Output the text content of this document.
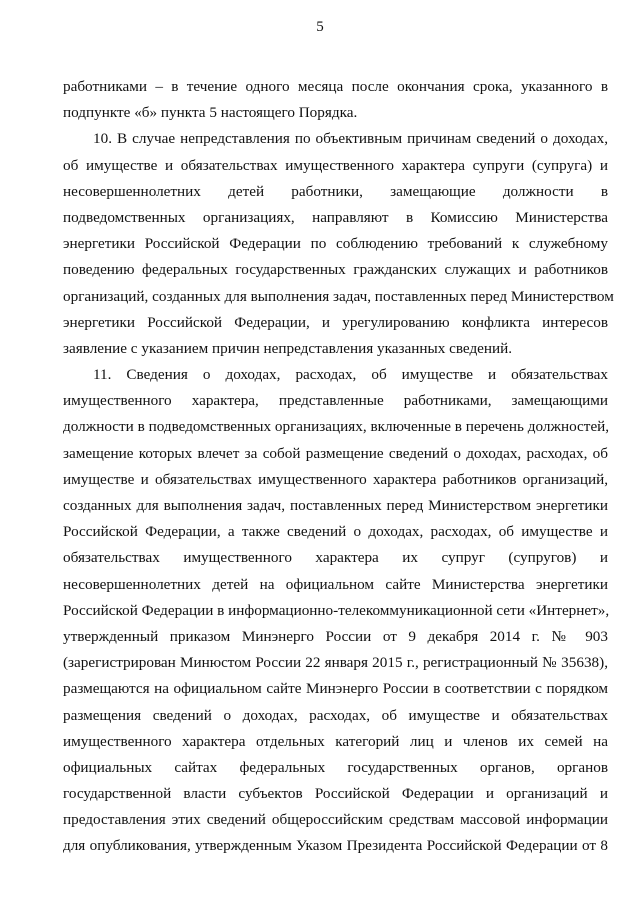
5
работниками – в течение одного месяца после окончания срока, указанного в
подпункте «б» пункта 5 настоящего Порядка.
10. В случае непредставления по объективным причинам сведений о доходах,
об имуществе и обязательствах имущественного характера супруги (супруга) и
несовершеннолетних детей работники, замещающие должности в
подведомственных организациях, направляют в Комиссию Министерства
энергетики Российской Федерации по соблюдению требований к служебному
поведению федеральных государственных гражданских служащих и работников
организаций, созданных для выполнения задач, поставленных перед Министерством
энергетики Российской Федерации, и урегулированию конфликта интересов
заявление с указанием причин непредставления указанных сведений.
11. Сведения о доходах, расходах, об имуществе и обязательствах
имущественного характера, представленные работниками, замещающими
должности в подведомственных организациях, включенные в перечень должностей,
замещение которых влечет за собой размещение сведений о доходах, расходах, об
имуществе и обязательствах имущественного характера работников организаций,
созданных для выполнения задач, поставленных перед Министерством энергетики
Российской Федерации, а также сведений о доходах, расходах, об имуществе и
обязательствах имущественного характера их супруг (супругов) и
несовершеннолетних детей на официальном сайте Министерства энергетики
Российской Федерации в информационно-телекоммуникационной сети «Интернет»,
утвержденный приказом Минэнерго России от 9 декабря 2014 г. № 903
(зарегистрирован Минюстом России 22 января 2015 г., регистрационный № 35638),
размещаются на официальном сайте Минэнерго России в соответствии с порядком
размещения сведений о доходах, расходах, об имуществе и обязательствах
имущественного характера отдельных категорий лиц и членов их семей на
официальных сайтах федеральных государственных органов, органов
государственной власти субъектов Российской Федерации и организаций и
предоставления этих сведений общероссийским средствам массовой информации
для опубликования, утвержденным Указом Президента Российской Федерации от 8
